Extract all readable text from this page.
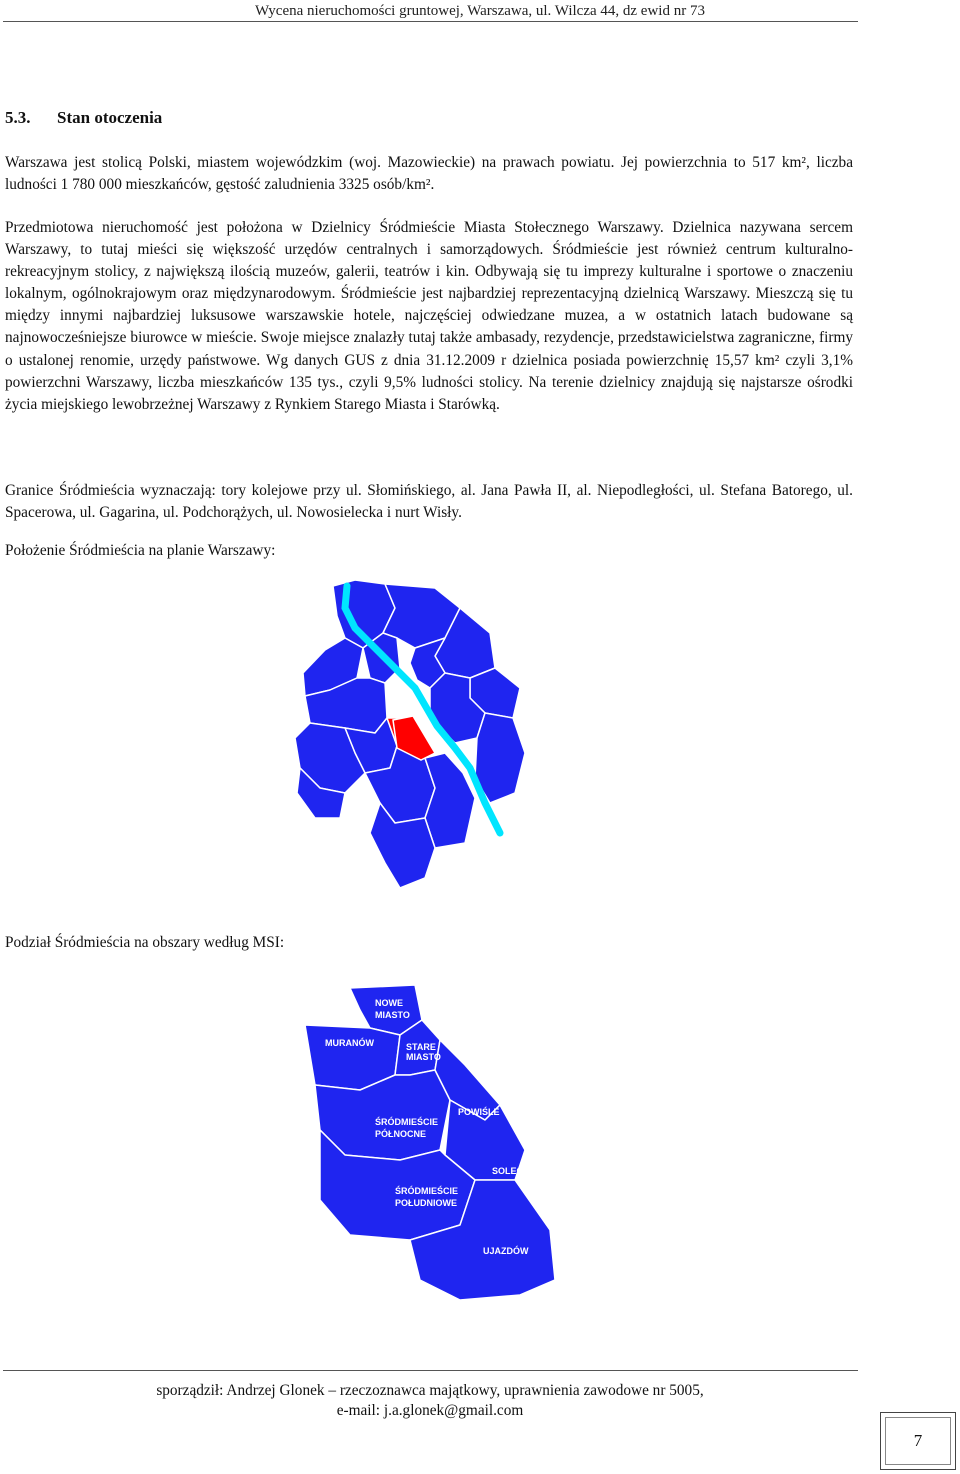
Wycena nieruchomości gruntowej, Warszawa, ul. Wilcza 44, dz ewid nr 73
5.3. Stan otoczenia

Warszawa jest stolicą Polski, miastem wojewódzkim (woj. Mazowieckie) na prawach powiatu. Jej powierzchnia to 517 km², liczba ludności 1 780 000 mieszkańców, gęstość zaludnienia 3325 osób/km².

Przedmiotowa nieruchomość jest położona w Dzielnicy Śródmieście Miasta Stołecznego Warszawy. Dzielnica nazywana sercem Warszawy, to tutaj mieści się większość urzędów centralnych i samorządowych. Śródmieście jest również centrum kulturalno-rekreacyjnym stolicy, z największą ilością muzeów, galerii, teatrów i kin. Odbywają się tu imprezy kulturalne i sportowe o znaczeniu lokalnym, ogólnokrajowym oraz międzynarodowym. Śródmieście jest najbardziej reprezentacyjną dzielnicą Warszawy. Mieszczą się tu między innymi najbardziej luksusowe warszawskie hotele, najczęściej odwiedzane muzea, a w ostatnich latach budowane są najnowocześniejsze biurowce w mieście. Swoje miejsce znalazły tutaj także ambasady, rezydencje, przedstawicielstwa zagraniczne, firmy o ustalonej renomie, urzędy państwowe. Wg danych GUS z dnia 31.12.2009 r dzielnica posiada powierzchnię 15,57 km² czyli 3,1% powierzchni Warszawy, liczba mieszkańców 135 tys., czyli 9,5% ludności stolicy. Na terenie dzielnicy znajdują się najstarsze ośrodki życia miejskiego lewobrzeżnej Warszawy z Rynkiem Starego Miasta i Starówką.

Granice Śródmieścia wyznaczają: tory kolejowe przy ul. Słomińskiego, al. Jana Pawła II, al. Niepodległości, ul. Stefana Batorego, ul. Spacerowa, ul. Gagarina, ul. Podchorążych, ul. Nowosielecka i nurt Wisły.

Położenie Śródmieścia na planie Warszawy:
Podział Śródmieścia na obszary według MSI:
NOWE
MIASTO
MURANÓW	STARE
MIASTO
POWIŚLE
ŚRÓDMIEŚCIE
PÓŁNOCNE
SOLEC
ŚRÓDMIEŚCIE
POŁUDNIOWE
UJAZDÓW
sporządził: Andrzej Glonek – rzeczoznawca majątkowy, uprawnienia zawodowe nr 5005,
e-mail: j.a.glonek@gmail.com
7
